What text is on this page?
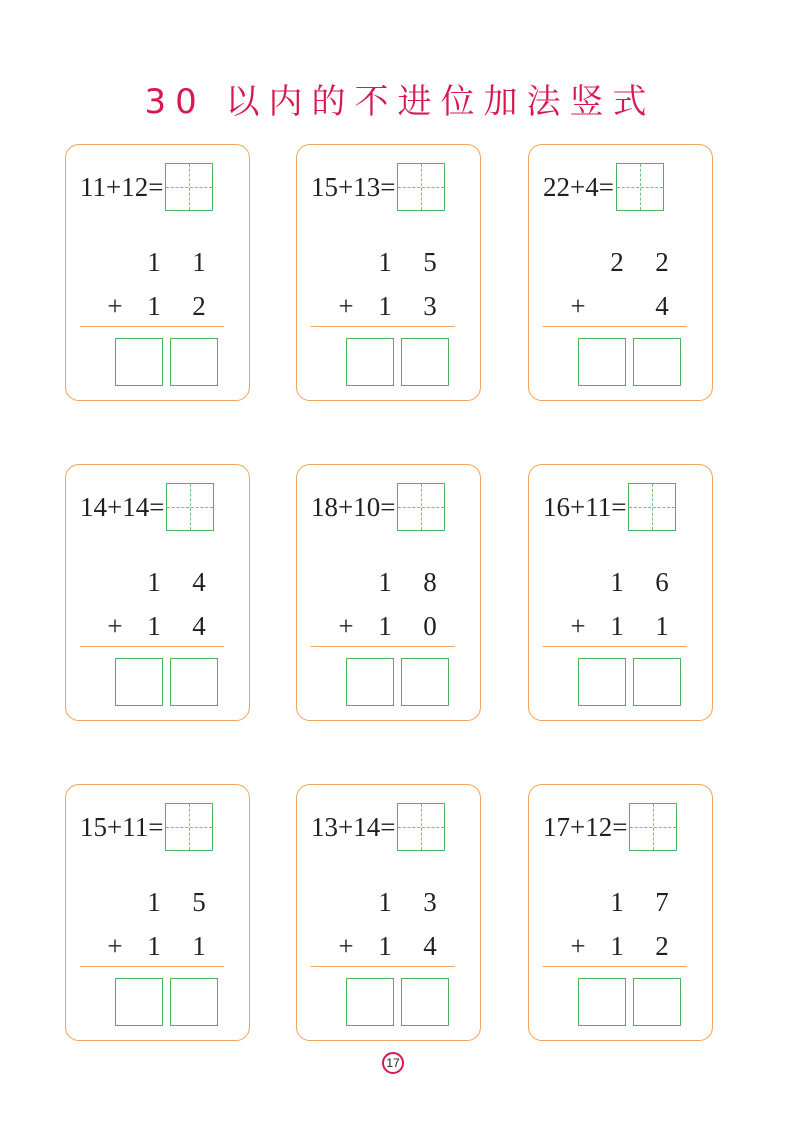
30 以内的不进位加法竖式
11+12=
1	1
+ 1	2
15+13=
1	5
+ 1	3
22+4=
2	2
+	4
14+14=
1	4
+ 1	4
18+10=
1	8
+ 1	0
16+11=
1	6
+ 1	1
15+11=
1	5
+ 1	1
13+14=
1	3
+ 1	4
17+12=
1	7
+ 1	2
17
